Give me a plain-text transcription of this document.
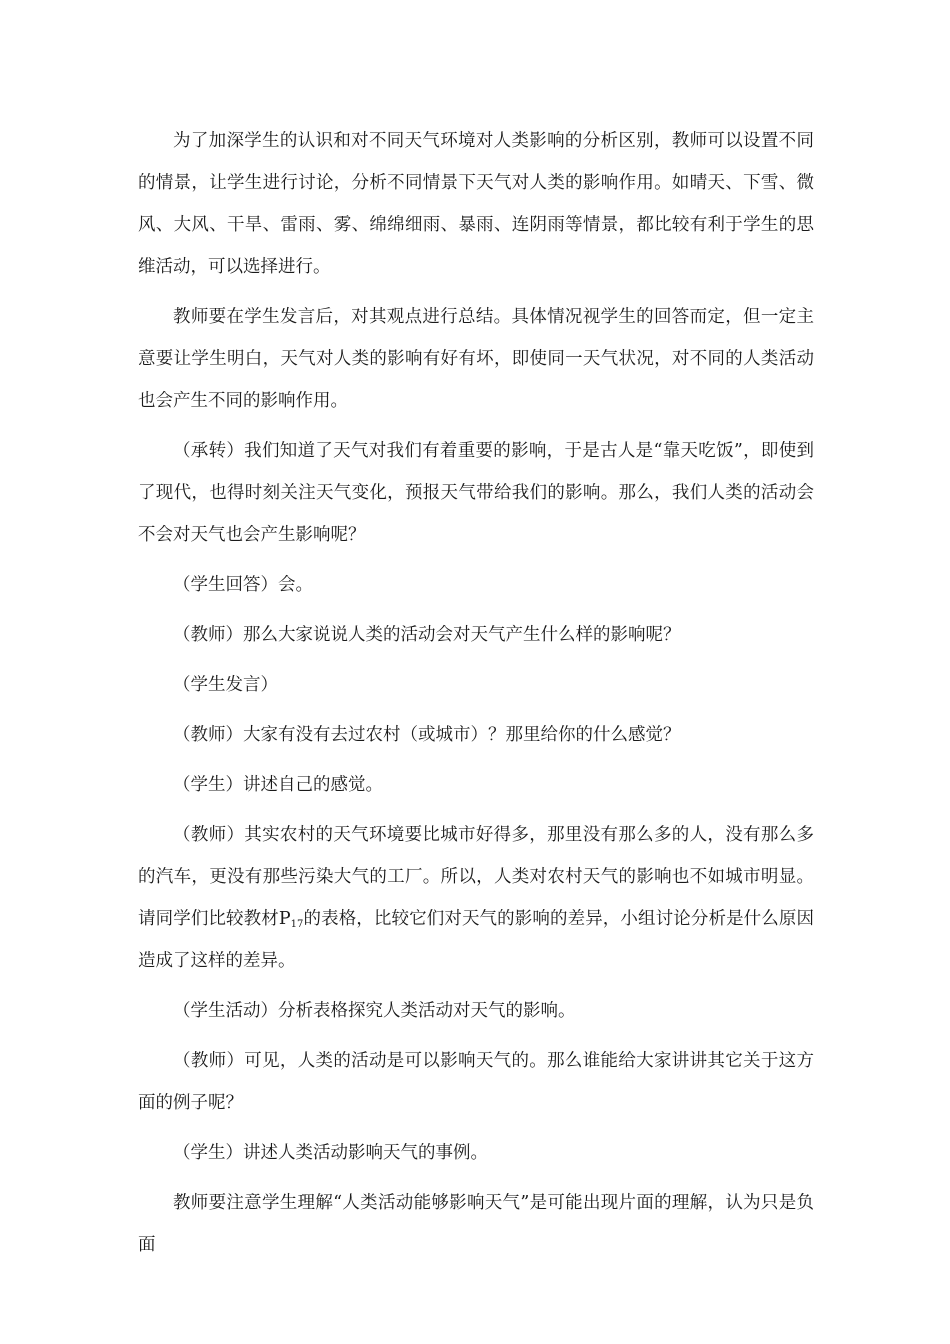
为了加深学生的认识和对不同天气环境对人类影响的分析区别，教师可以设置不同的情景，让学生进行讨论，分析不同情景下天气对人类的影响作用。如晴天、下雪、微风、大风、干旱、雷雨、雾、绵绵细雨、暴雨、连阴雨等情景，都比较有利于学生的思维活动，可以选择进行。

教师要在学生发言后，对其观点进行总结。具体情况视学生的回答而定，但一定主意要让学生明白，天气对人类的影响有好有坏，即使同一天气状况，对不同的人类活动也会产生不同的影响作用。

（承转）我们知道了天气对我们有着重要的影响，于是古人是“靠天吃饭”，即使到了现代，也得时刻关注天气变化，预报天气带给我们的影响。那么，我们人类的活动会不会对天气也会产生影响呢？

（学生回答）会。

（教师）那么大家说说人类的活动会对天气产生什么样的影响呢？

（学生发言）

（教师）大家有没有去过农村（或城市）？那里给你的什么感觉？

（学生）讲述自己的感觉。

（教师）其实农村的天气环境要比城市好得多，那里没有那么多的人，没有那么多的汽车，更没有那些污染大气的工厂。所以，人类对农村天气的影响也不如城市明显。请同学们比较教材$P_{17}$的表格，比较它们对天气的影响的差异，小组讨论分析是什么原因造成了这样的差异。

（学生活动）分析表格探究人类活动对天气的影响。

（教师）可见，人类的活动是可以影响天气的。那么谁能给大家讲讲其它关于这方面的例子呢？

（学生）讲述人类活动影响天气的事例。

教师要注意学生理解“人类活动能够影响天气”是可能出现片面的理解，认为只是负面
